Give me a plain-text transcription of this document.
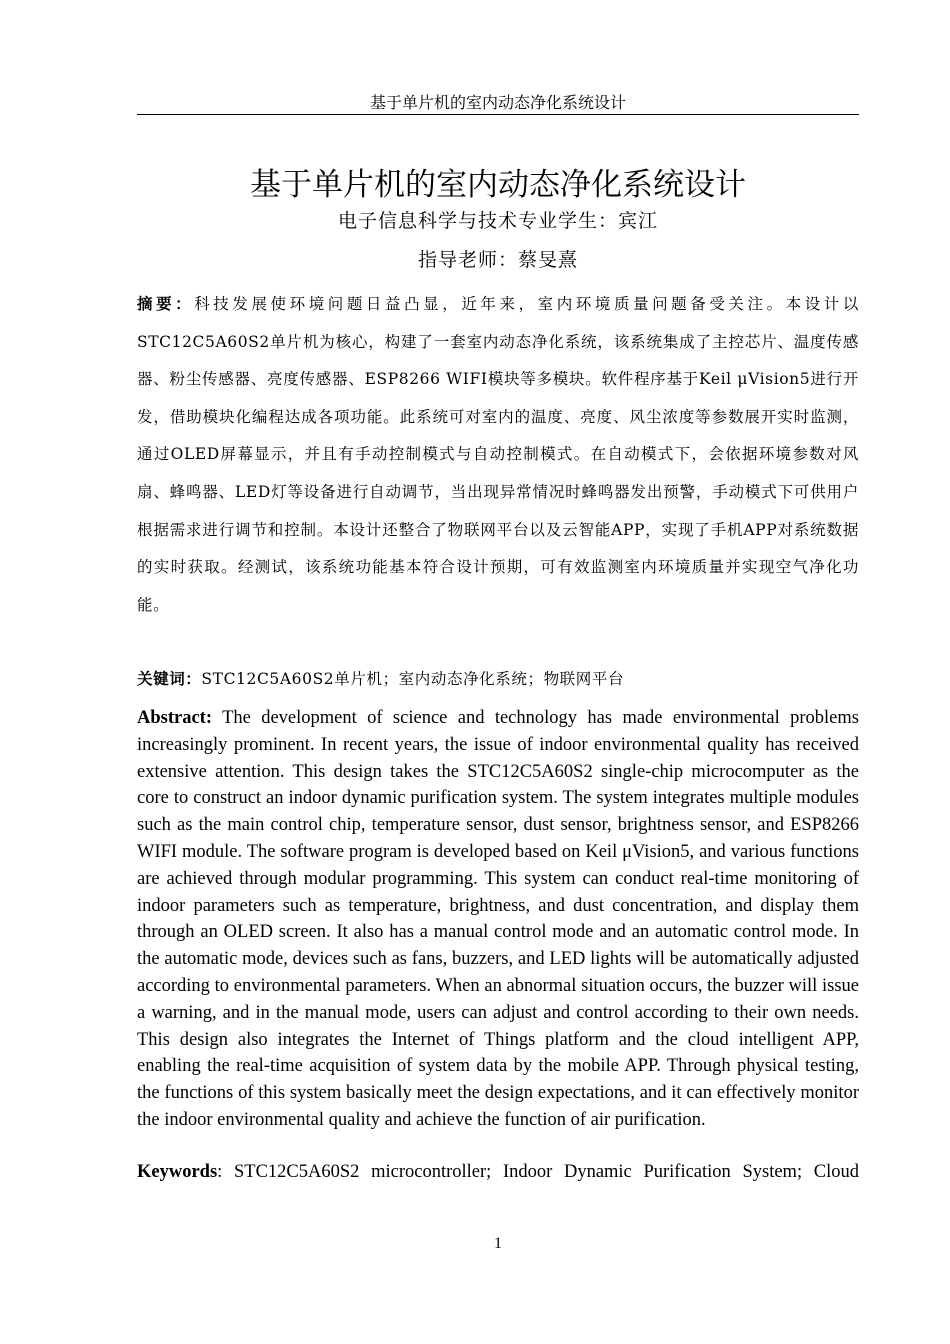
基于单片机的室内动态净化系统设计
基于单片机的室内动态净化系统设计
电子信息科学与技术专业学生：宾江
指导老师：蔡旻熹

摘要：科技发展使环境问题日益凸显，近年来，室内环境质量问题备受关注。本设计以STC12C5A60S2单片机为核心，构建了一套室内动态净化系统，该系统集成了主控芯片、温度传感器、粉尘传感器、亮度传感器、ESP8266 WIFI模块等多模块。软件程序基于Keil μVision5进行开发，借助模块化编程达成各项功能。此系统可对室内的温度、亮度、风尘浓度等参数展开实时监测，通过OLED屏幕显示，并且有手动控制模式与自动控制模式。在自动模式下，会依据环境参数对风扇、蜂鸣器、LED灯等设备进行自动调节，当出现异常情况时蜂鸣器发出预警，手动模式下可供用户根据需求进行调节和控制。本设计还整合了物联网平台以及云智能APP，实现了手机APP对系统数据的实时获取。经测试，该系统功能基本符合设计预期，可有效监测室内环境质量并实现空气净化功能。

关键词：STC12C5A60S2单片机；室内动态净化系统；物联网平台

Abstract: The development of science and technology has made environmental problems increasingly prominent. In recent years, the issue of indoor environmental quality has received extensive attention. This design takes the STC12C5A60S2 single-chip microcomputer as the core to construct an indoor dynamic purification system. The system integrates multiple modules such as the main control chip, temperature sensor, dust sensor, brightness sensor, and ESP8266 WIFI module. The software program is developed based on Keil μVision5, and various functions are achieved through modular programming. This system can conduct real-time monitoring of indoor parameters such as temperature, brightness, and dust concentration, and display them through an OLED screen. It also has a manual control mode and an automatic control mode. In the automatic mode, devices such as fans, buzzers, and LED lights will be automatically adjusted according to environmental parameters. When an abnormal situation occurs, the buzzer will issue a warning, and in the manual mode, users can adjust and control according to their own needs. This design also integrates the Internet of Things platform and the cloud intelligent APP, enabling the real-time acquisition of system data by the mobile APP. Through physical testing, the functions of this system basically meet the design expectations, and it can effectively monitor the indoor environmental quality and achieve the function of air purification.

Keywords: STC12C5A60S2 microcontroller; Indoor Dynamic Purification System; Cloud

1
